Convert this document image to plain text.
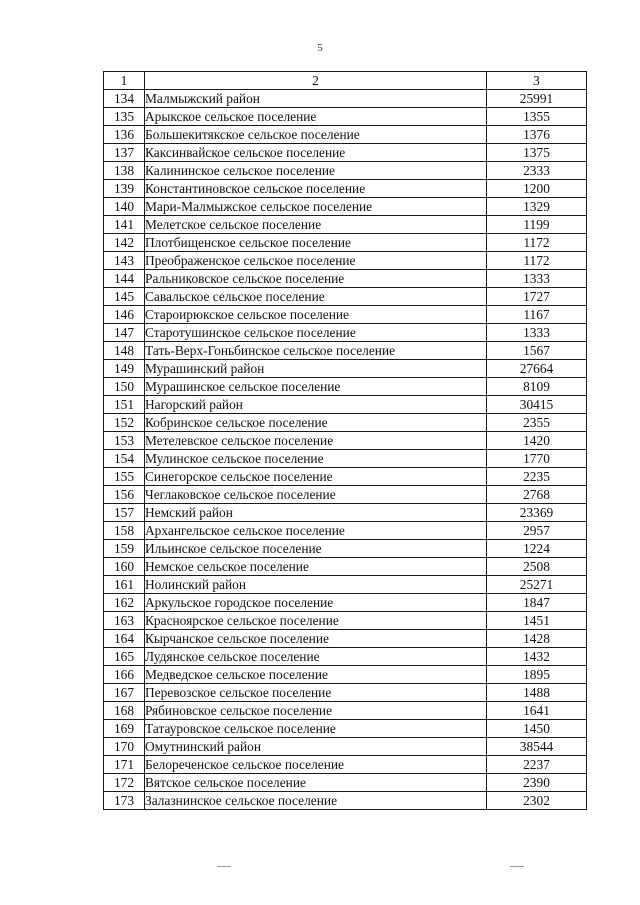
5
1	2	3
134	Малмыжский район	25991
135	Арыкское сельское поселение	1355
136	Большекитякское сельское поселение	1376
137	Каксинвайское сельское поселение	1375
138	Калининское сельское поселение	2333
139	Константиновское сельское поселение	1200
140	Мари-Малмыжское сельское поселение	1329
141	Мелетское сельское поселение	1199
142	Плотбищенское сельское поселение	1172
143	Преображенское сельское поселение	1172
144	Ральниковское сельское поселение	1333
145	Савальское сельское поселение	1727
146	Староирюкское сельское поселение	1167
147	Старотушинское сельское поселение	1333
148	Тать-Верх-Гоньбинское сельское поселение	1567
149	Мурашинский район	27664
150	Мурашинское сельское поселение	8109
151	Нагорский район	30415
152	Кобринское сельское поселение	2355
153	Метелевское сельское поселение	1420
154	Мулинское сельское поселение	1770
155	Синегорское сельское поселение	2235
156	Чеглаковское сельское поселение	2768
157	Немский район	23369
158	Архангельское сельское поселение	2957
159	Ильинское сельское поселение	1224
160	Немское сельское поселение	2508
161	Нолинский район	25271
162	Аркульское городское поселение	1847
163	Красноярское сельское поселение	1451
164	Кырчанское сельское поселение	1428
165	Лудянское сельское поселение	1432
166	Медведское сельское поселение	1895
167	Перевозское сельское поселение	1488
168	Рябиновское сельское поселение	1641
169	Татауровское сельское поселение	1450
170	Омутнинский район	38544
171	Белореченское сельское поселение	2237
172	Вятское сельское поселение	2390
173	Залазнинское сельское поселение	2302
